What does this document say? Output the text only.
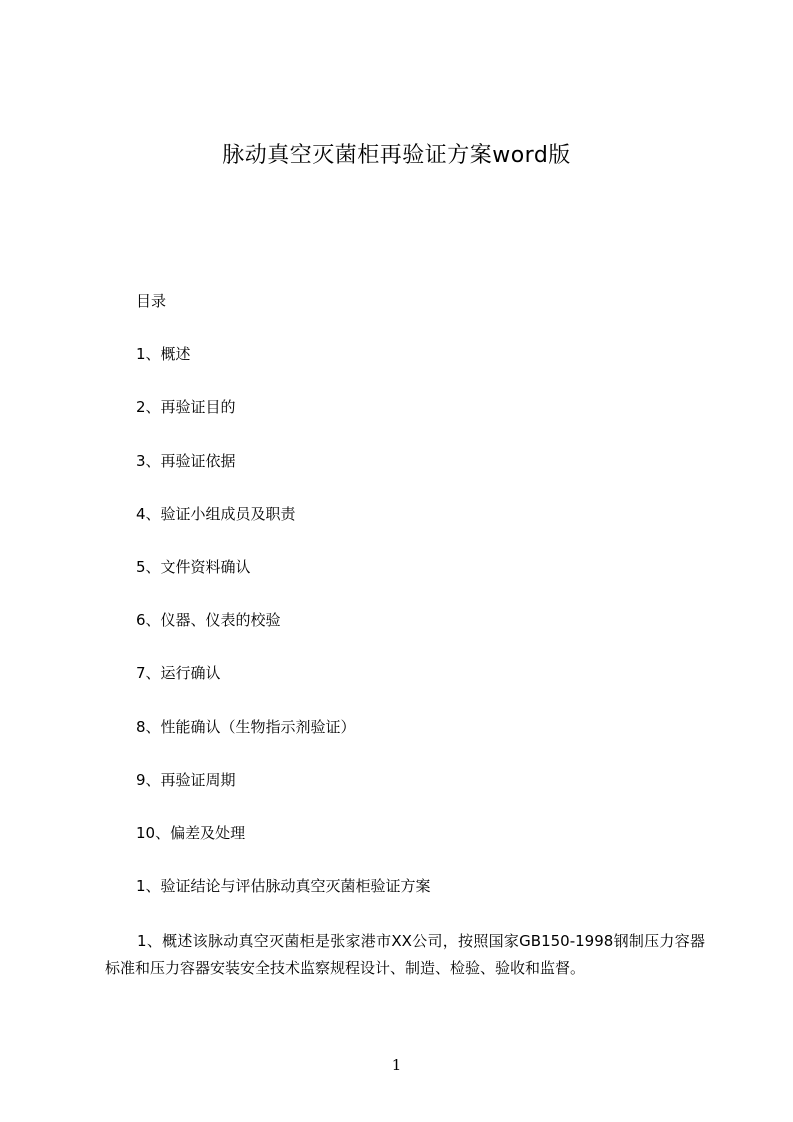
脉动真空灭菌柜再验证方案word版
目录
1、概述
2、再验证目的
3、再验证依据
4、验证小组成员及职责
5、文件资料确认
6、仪器、仪表的校验
7、运行确认
8、性能确认（生物指示剂验证）
9、再验证周期
10、偏差及处理
1、验证结论与评估脉动真空灭菌柜验证方案
1、概述该脉动真空灭菌柜是张家港市XX公司，按照国家GB150-1998钢制压力容器标准和压力容器安装安全技术监察规程设计、制造、检验、验收和监督。
1
